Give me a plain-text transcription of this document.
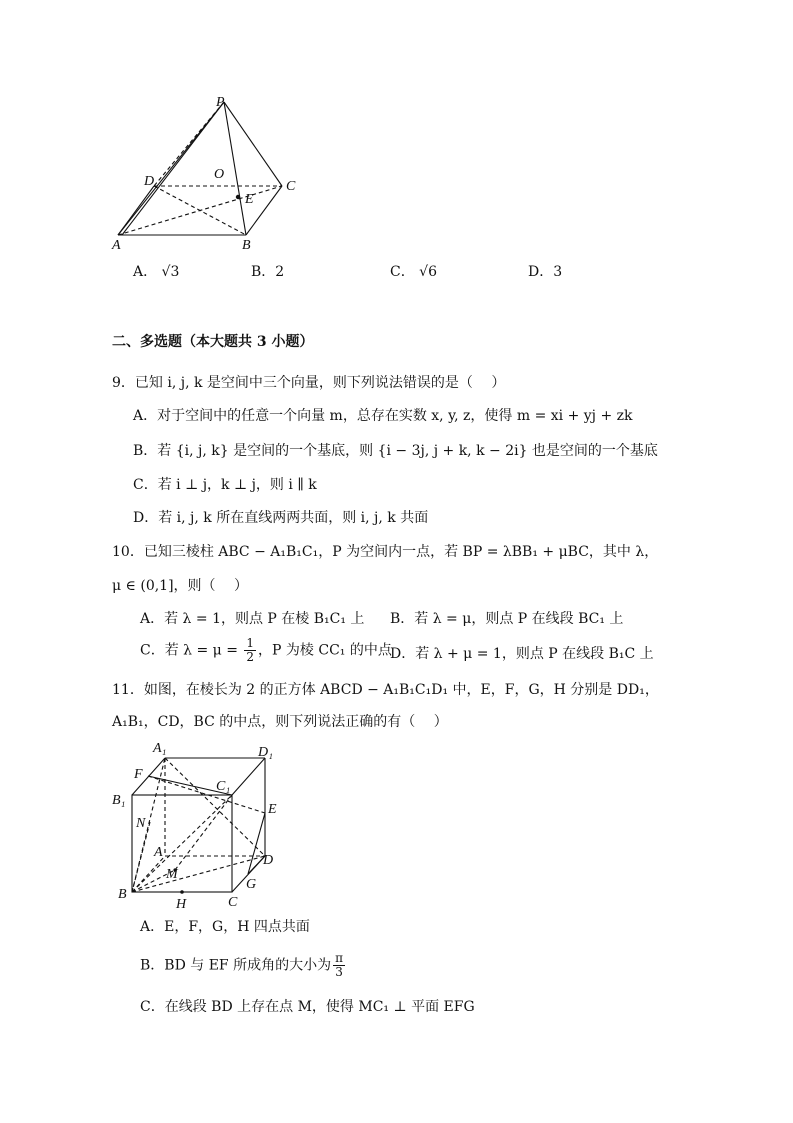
P
D	O
C
E
A	B
A． √3	B．2	C． √6	D．3
二、多选题（本大题共 3 小题）
9．已知 i, j, k 是空间中三个向量，则下列说法错误的是（　 ）
A．对于空间中的任意一个向量 m，总存在实数 x, y, z，使得 m = xi + yj + zk
B．若 {i, j, k} 是空间的一个基底，则 {i − 3j, j + k, k − 2i} 也是空间的一个基底
C．若 i ⊥ j，k ⊥ j，则 i ∥ k
D．若 i, j, k 所在直线两两共面，则 i, j, k 共面
10．已知三棱柱 ABC − A₁B₁C₁，P 为空间内一点，若 BP = λBB₁ + μBC，其中 λ，
μ ∈ (0,1]，则（　 ）
A．若 λ = 1，则点 P 在棱 B₁C₁ 上 B．若 λ = μ，则点 P 在线段 BC₁ 上
C．若 $\lambda = \mu = \frac{1}{2}$ ，P 为棱 CC₁ 的中点
D．若 λ + μ = 1，则点 P 在线段 B₁C 上
11．如图，在棱长为 2 的正方体 ABCD − A₁B₁C₁D₁ 中，E，F，G，H 分别是 DD₁，
A₁B₁，CD，BC 的中点，则下列说法正确的有（　 ）
A₁	D₁
F
C₁
B₁
E
N
A
D
M
G
B
H	C
A．E，F，G，H 四点共面
B．BD 与 EF 所成角的大小为 $\frac{\pi}{3}$
C．在线段 BD 上存在点 M，使得 MC₁ ⊥ 平面 EFG
